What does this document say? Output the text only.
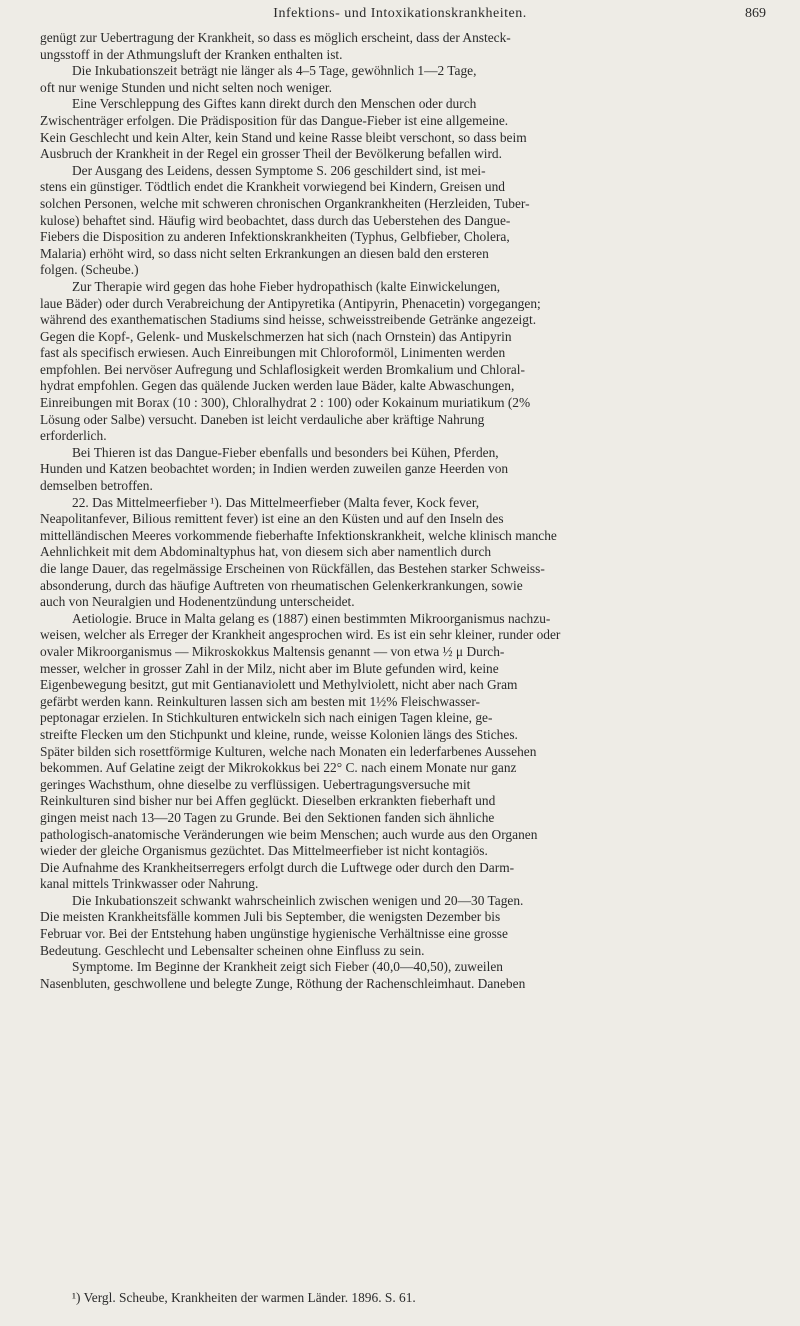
Infektions- und Intoxikationskrankheiten.	869
genügt zur Uebertragung der Krankheit, so dass es möglich erscheint, dass der Ansteck-
ungsstoff in der Athmungsluft der Kranken enthalten ist.
Die Inkubationszeit beträgt nie länger als 4–5 Tage, gewöhnlich 1—2 Tage,
oft nur wenige Stunden und nicht selten noch weniger.
Eine Verschleppung des Giftes kann direkt durch den Menschen oder durch
Zwischenträger erfolgen. Die Prädisposition für das Dangue-Fieber ist eine allgemeine.
Kein Geschlecht und kein Alter, kein Stand und keine Rasse bleibt verschont, so dass beim
Ausbruch der Krankheit in der Regel ein grosser Theil der Bevölkerung befallen wird.
Der Ausgang des Leidens, dessen Symptome S. 206 geschildert sind, ist mei-
stens ein günstiger. Tödtlich endet die Krankheit vorwiegend bei Kindern, Greisen und
solchen Personen, welche mit schweren chronischen Organkrankheiten (Herzleiden, Tuber-
kulose) behaftet sind. Häufig wird beobachtet, dass durch das Ueberstehen des Dangue-
Fiebers die Disposition zu anderen Infektionskrankheiten (Typhus, Gelbfieber, Cholera,
Malaria) erhöht wird, so dass nicht selten Erkrankungen an diesen bald den ersteren
folgen. (Scheube.)
Zur Therapie wird gegen das hohe Fieber hydropathisch (kalte Einwickelungen,
laue Bäder) oder durch Verabreichung der Antipyretika (Antipyrin, Phenacetin) vorgegangen;
während des exanthematischen Stadiums sind heisse, schweisstreibende Getränke angezeigt.
Gegen die Kopf-, Gelenk- und Muskelschmerzen hat sich (nach Ornstein) das Antipyrin
fast als specifisch erwiesen. Auch Einreibungen mit Chloroformöl, Linimenten werden
empfohlen. Bei nervöser Aufregung und Schlaflosigkeit werden Bromkalium und Chloral-
hydrat empfohlen. Gegen das quälende Jucken werden laue Bäder, kalte Abwaschungen,
Einreibungen mit Borax (10 : 300), Chloralhydrat 2 : 100) oder Kokainum muriatikum (2%
Lösung oder Salbe) versucht. Daneben ist leicht verdauliche aber kräftige Nahrung
erforderlich.
Bei Thieren ist das Dangue-Fieber ebenfalls und besonders bei Kühen, Pferden,
Hunden und Katzen beobachtet worden; in Indien werden zuweilen ganze Heerden von
demselben betroffen.
22. Das Mittelmeerfieber ¹). Das Mittelmeerfieber (Malta fever, Kock fever,
Neapolitanfever, Bilious remittent fever) ist eine an den Küsten und auf den Inseln des
mittelländischen Meeres vorkommende fieberhafte Infektionskrankheit, welche klinisch manche
Aehnlichkeit mit dem Abdominaltyphus hat, von diesem sich aber namentlich durch
die lange Dauer, das regelmässige Erscheinen von Rückfällen, das Bestehen starker Schweiss-
absonderung, durch das häufige Auftreten von rheumatischen Gelenkerkrankungen, sowie
auch von Neuralgien und Hodenentzündung unterscheidet.
Aetiologie. Bruce in Malta gelang es (1887) einen bestimmten Mikroorganismus nachzu-
weisen, welcher als Erreger der Krankheit angesprochen wird. Es ist ein sehr kleiner, runder oder
ovaler Mikroorganismus — Mikroskokkus Maltensis genannt — von etwa ½ μ Durch-
messer, welcher in grosser Zahl in der Milz, nicht aber im Blute gefunden wird, keine
Eigenbewegung besitzt, gut mit Gentianaviolett und Methylviolett, nicht aber nach Gram
gefärbt werden kann. Reinkulturen lassen sich am besten mit 1½% Fleischwasser-
peptonagar erzielen. In Stichkulturen entwickeln sich nach einigen Tagen kleine, ge-
streifte Flecken um den Stichpunkt und kleine, runde, weisse Kolonien längs des Stiches.
Später bilden sich rosettförmige Kulturen, welche nach Monaten ein lederfarbenes Aussehen
bekommen. Auf Gelatine zeigt der Mikrokokkus bei 22° C. nach einem Monate nur ganz
geringes Wachsthum, ohne dieselbe zu verflüssigen. Uebertragungsversuche mit
Reinkulturen sind bisher nur bei Affen geglückt. Dieselben erkrankten fieberhaft und
gingen meist nach 13—20 Tagen zu Grunde. Bei den Sektionen fanden sich ähnliche
pathologisch-anatomische Veränderungen wie beim Menschen; auch wurde aus den Organen
wieder der gleiche Organismus gezüchtet. Das Mittelmeerfieber ist nicht kontagiös.
Die Aufnahme des Krankheitserregers erfolgt durch die Luftwege oder durch den Darm-
kanal mittels Trinkwasser oder Nahrung.
Die Inkubationszeit schwankt wahrscheinlich zwischen wenigen und 20—30 Tagen.
Die meisten Krankheitsfälle kommen Juli bis September, die wenigsten Dezember bis
Februar vor. Bei der Entstehung haben ungünstige hygienische Verhältnisse eine grosse
Bedeutung. Geschlecht und Lebensalter scheinen ohne Einfluss zu sein.
Symptome. Im Beginne der Krankheit zeigt sich Fieber (40,0—40,50), zuweilen
Nasenbluten, geschwollene und belegte Zunge, Röthung der Rachenschleimhaut. Daneben
¹) Vergl. Scheube, Krankheiten der warmen Länder. 1896. S. 61.
